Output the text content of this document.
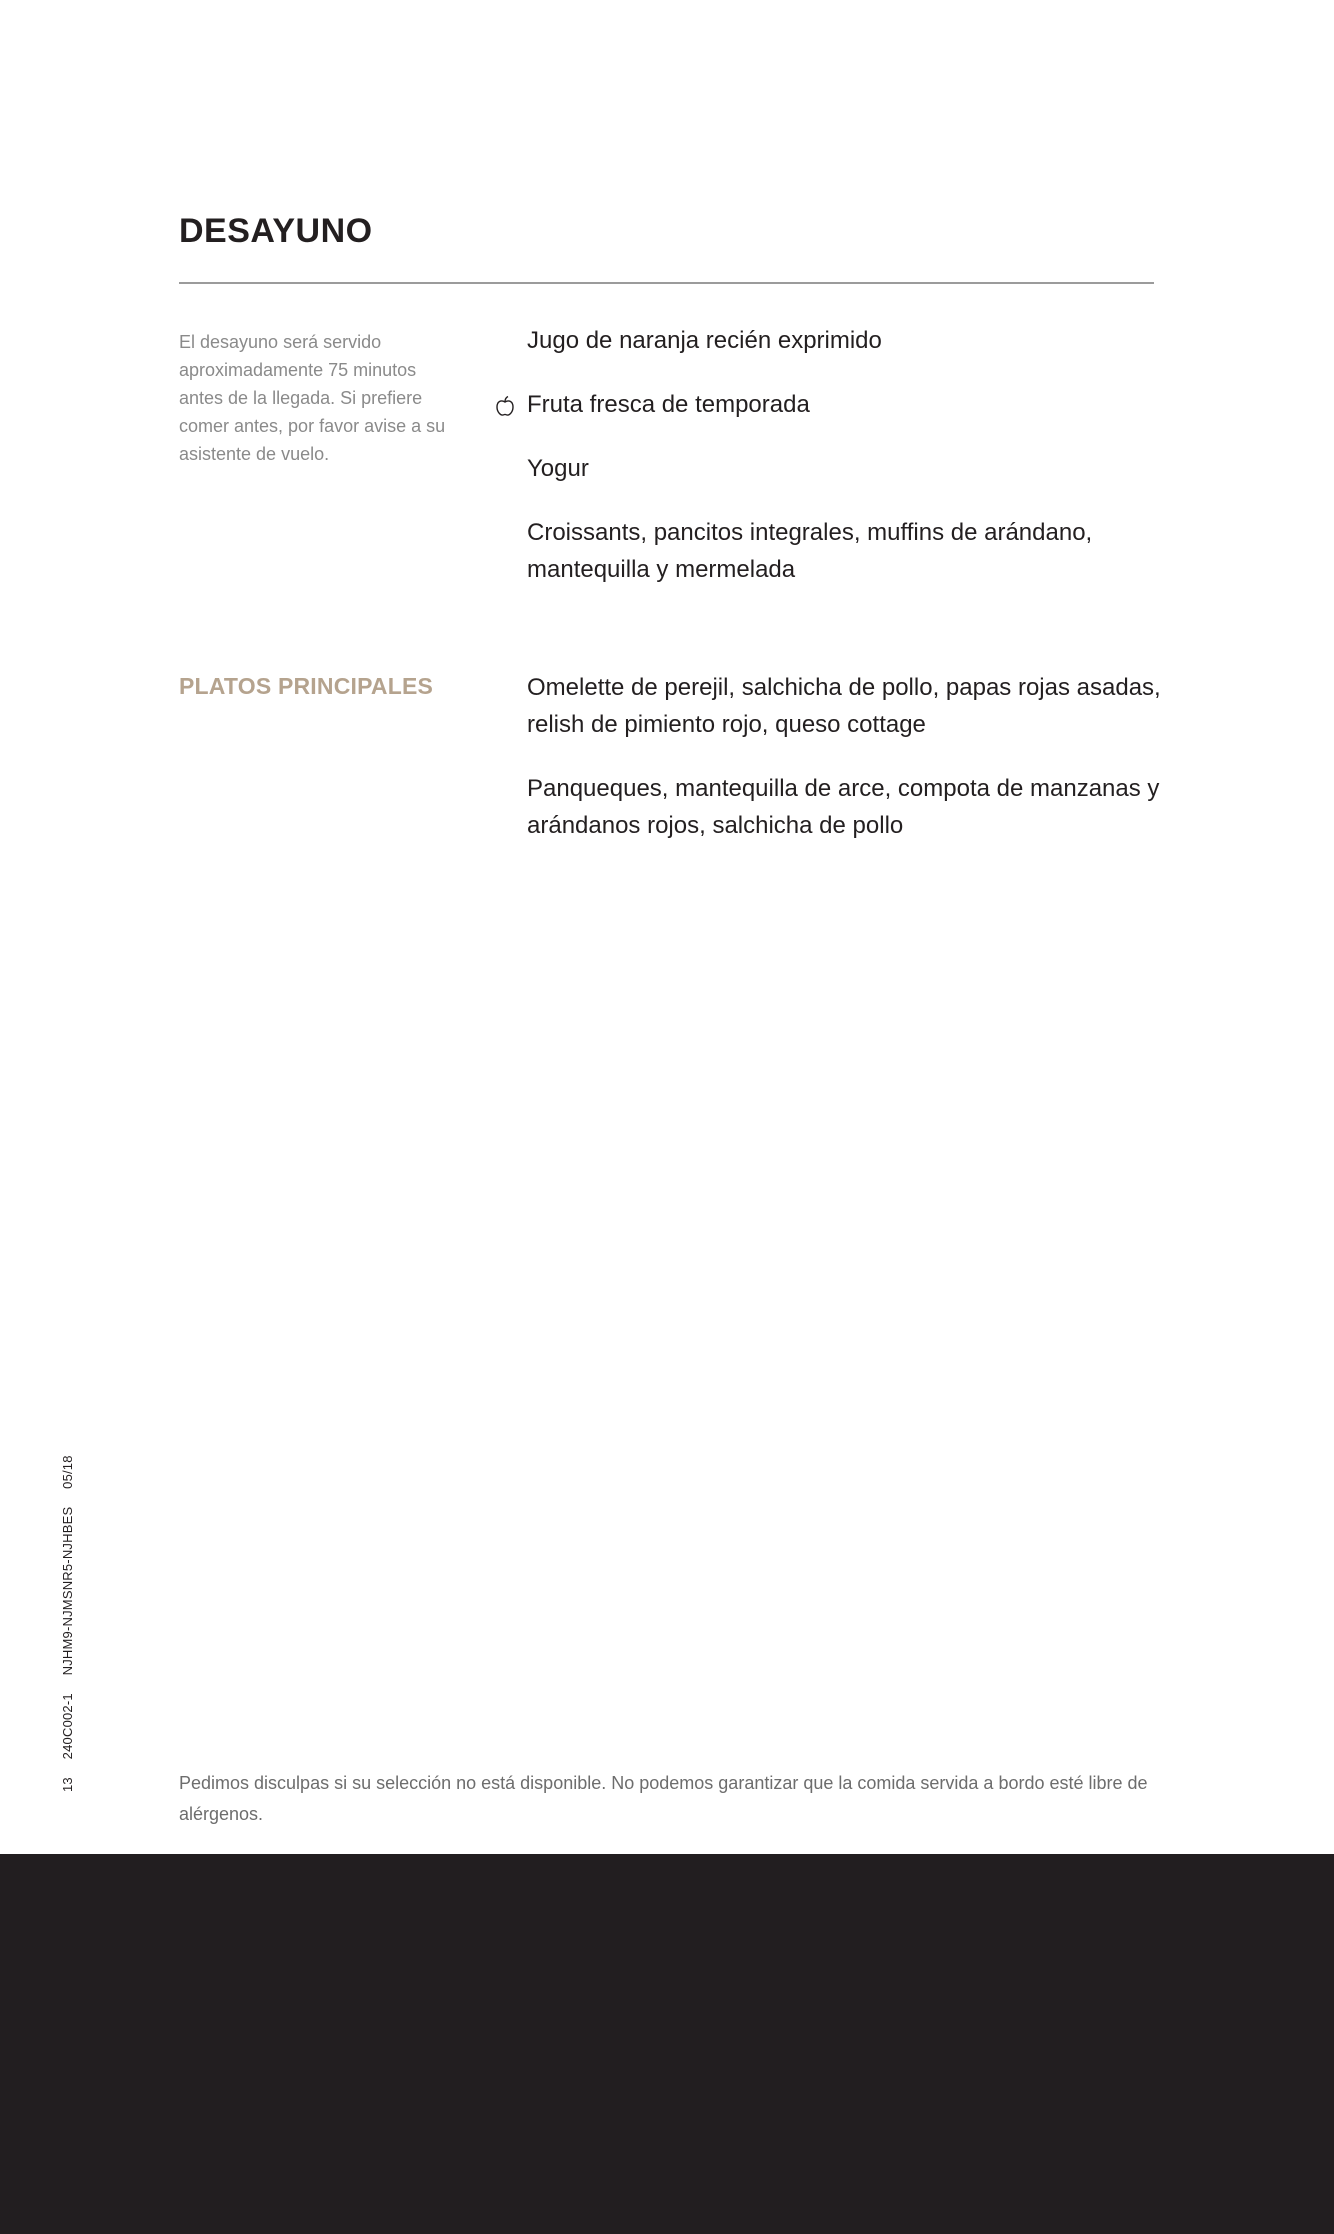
DESAYUNO

El desayuno será servido aproximadamente 75 minutos antes de la llegada. Si prefiere comer antes, por favor avise a su asistente de vuelo.

Jugo de naranja recién exprimido
Fruta fresca de temporada
Yogur
Croissants, pancitos integrales, muffins de arándano, mantequilla y mermelada
PLATOS PRINCIPALES	Omelette de perejil, salchicha de pollo, papas rojas asadas, relish de pimiento rojo, queso cottage
Panqueques, mantequilla de arce, compota de manzanas y arándanos rojos, salchicha de pollo
13 240C002-1 NJHM9-NJMSNR5-NJHBES 05/18

Pedimos disculpas si su selección no está disponible. No podemos garantizar que la comida servida a bordo esté libre de alérgenos.
